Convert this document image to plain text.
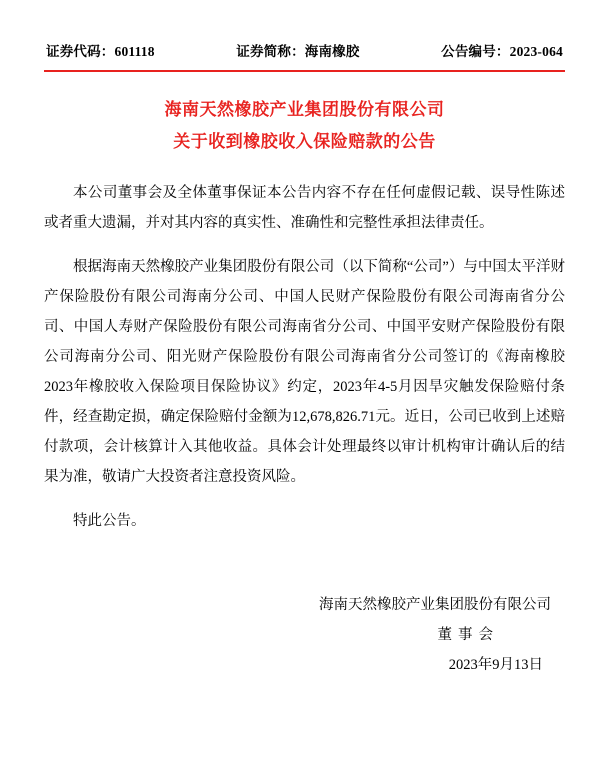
证券代码：601118	证券简称：海南橡胶	公告编号：2023-064
海南天然橡胶产业集团股份有限公司
关于收到橡胶收入保险赔款的公告

本公司董事会及全体董事保证本公告内容不存在任何虚假记载、误导性陈述或者重大遗漏，并对其内容的真实性、准确性和完整性承担法律责任。

根据海南天然橡胶产业集团股份有限公司（以下简称“公司”）与中国太平洋财产保险股份有限公司海南分公司、中国人民财产保险股份有限公司海南省分公司、中国人寿财产保险股份有限公司海南省分公司、中国平安财产保险股份有限公司海南分公司、阳光财产保险股份有限公司海南省分公司签订的《海南橡胶2023年橡胶收入保险项目保险协议》约定，2023年4-5月因旱灾触发保险赔付条件，经查勘定损，确定保险赔付金额为12,678,826.71元。近日，公司已收到上述赔付款项，会计核算计入其他收益。具体会计处理最终以审计机构审计确认后的结果为准，敬请广大投资者注意投资风险。

特此公告。

海南天然橡胶产业集团股份有限公司
董事会
2023年9月13日
